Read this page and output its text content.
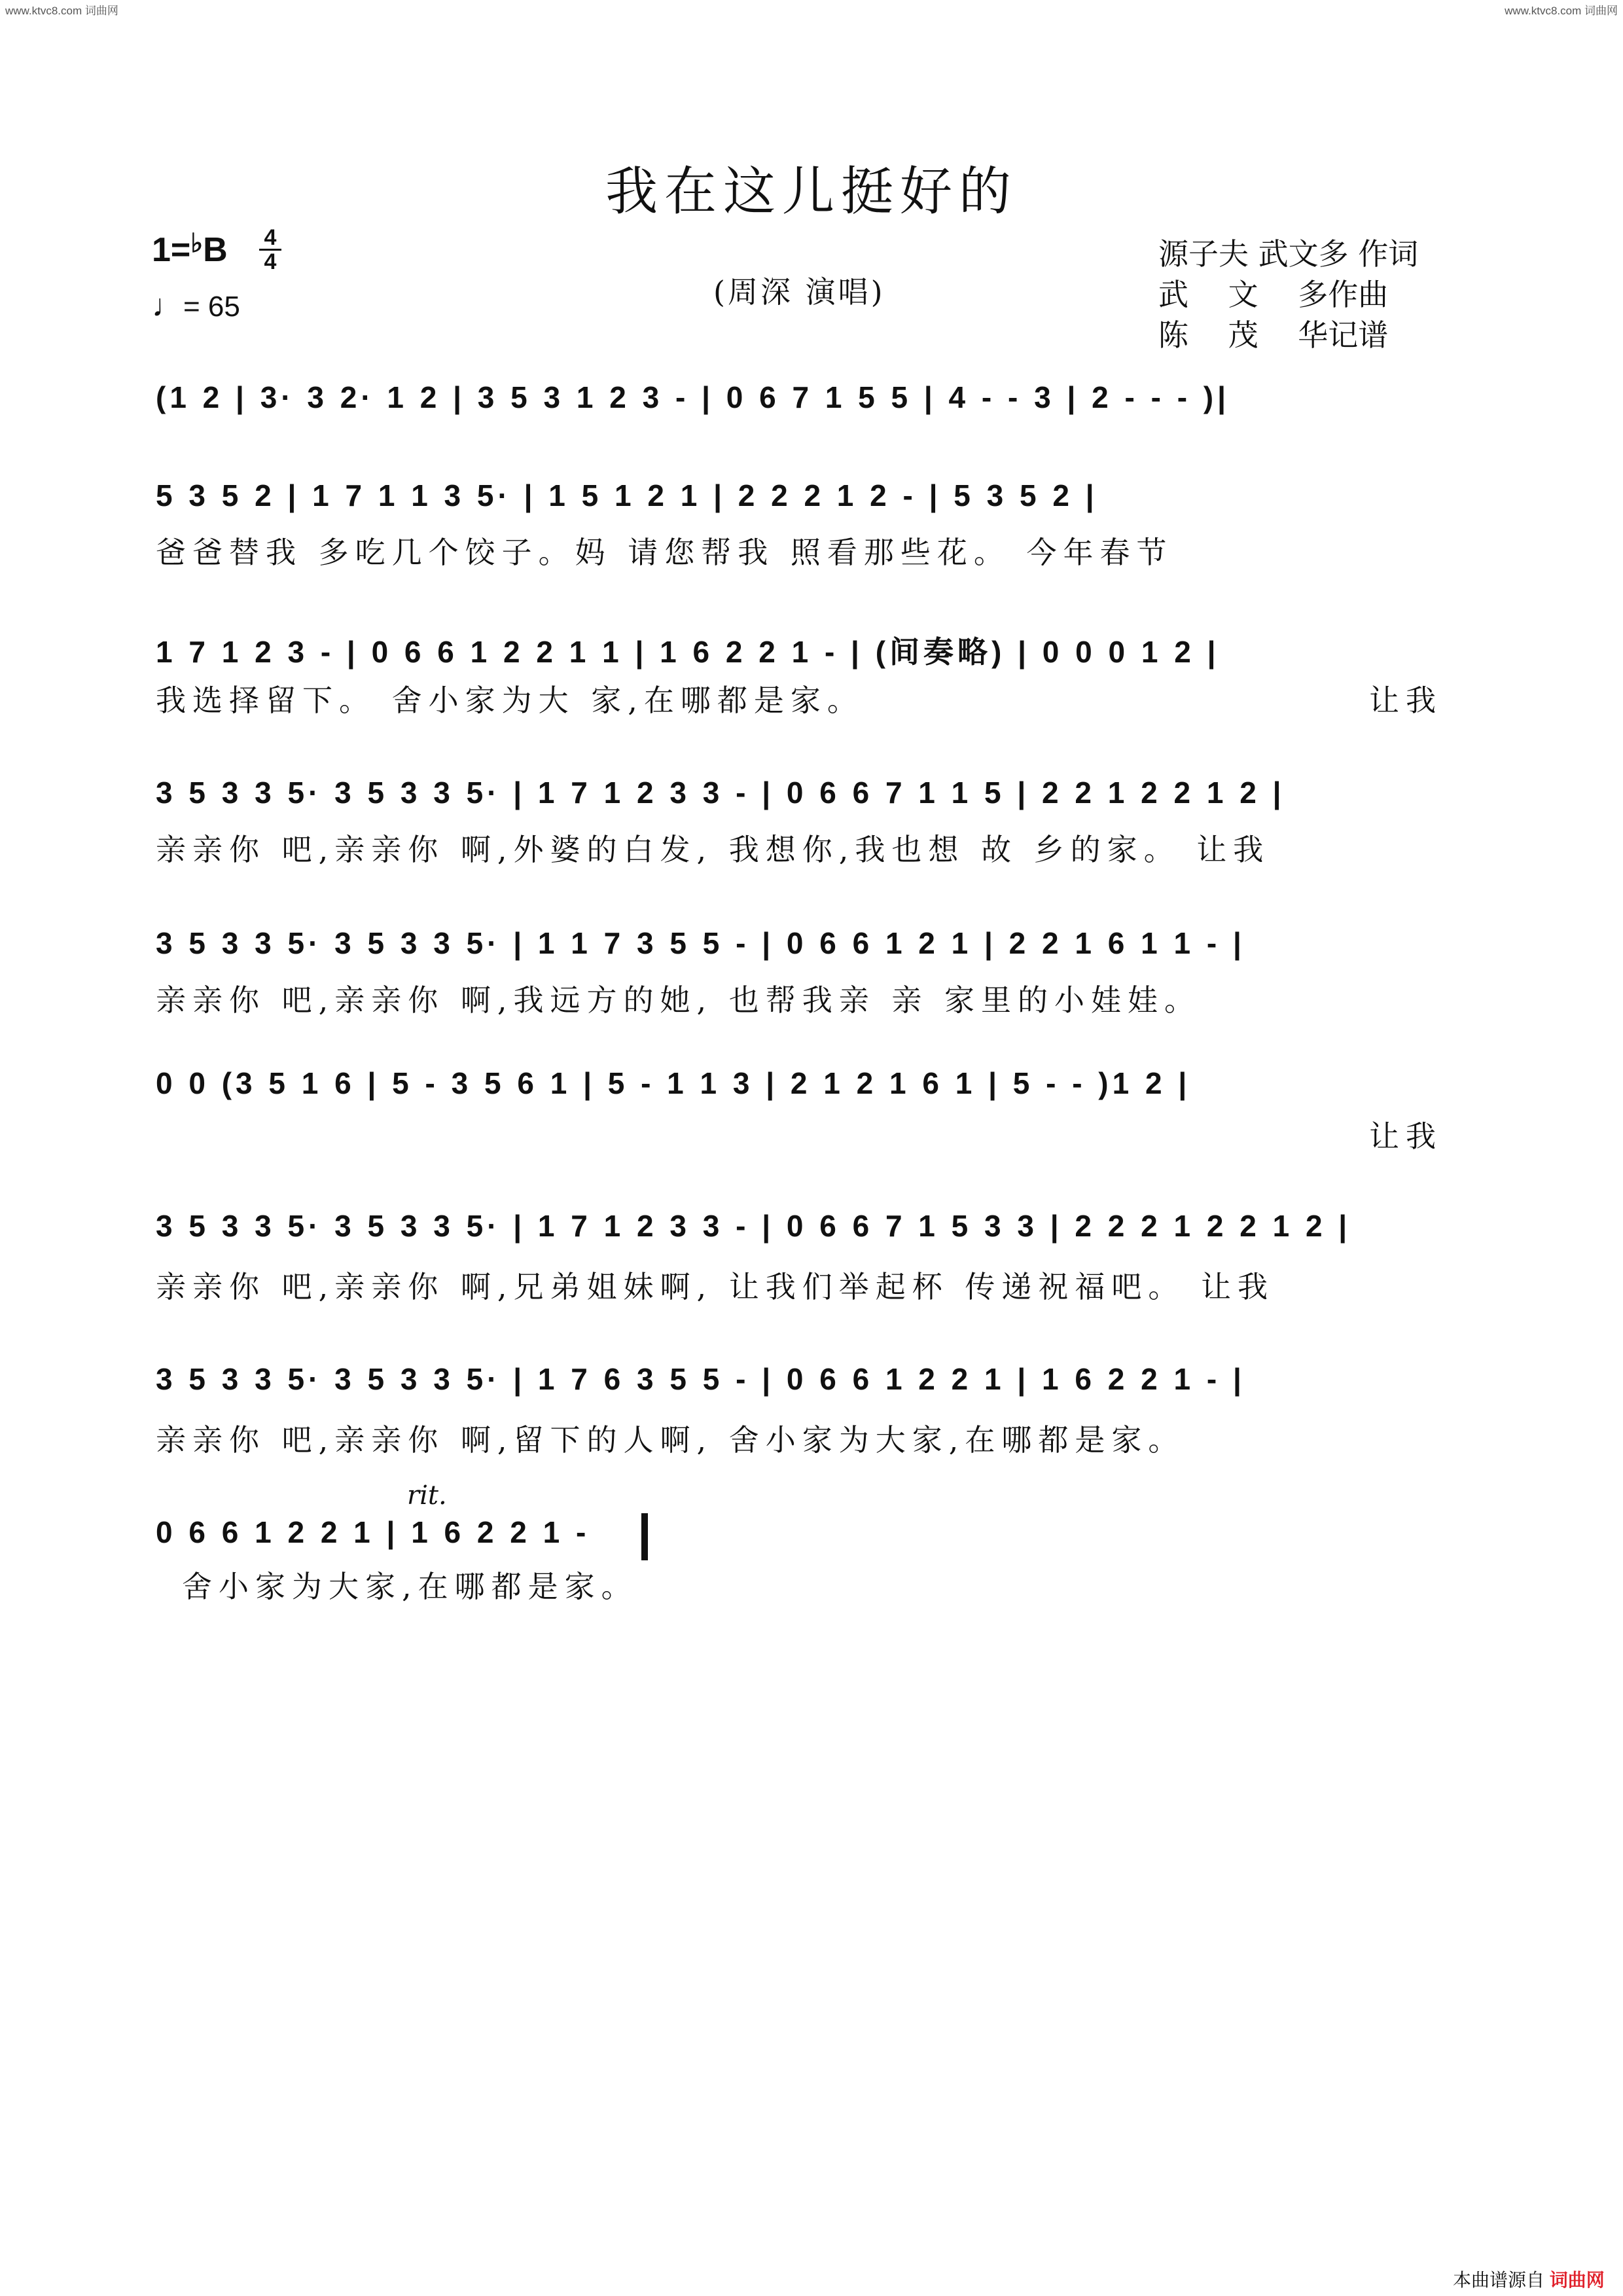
www.ktvc8.com 词曲网	www.ktvc8.com 词曲网
我在这儿挺好的
$1=^♭B \frac{4}{4}$
♩= 65	(周深 演唱)
源子夫 武文多 作词
武　 文　 多作曲
陈　 茂　 华记谱
(1 2 | 3· 3 2· 1 2 | 3 5 3 1 2 3 - | 0 6 7 1 5 5 | 4 - - 3 | 2 - - - )|
5 3 5 2 | 1 7 1 1 3 5· | 1 5 1 2 1 | 2 2 2 1 2 - | 5 3 5 2 |
爸爸替我 多吃几个饺子。妈 请您帮我 照看那些花。 今年春节
1 7 1 2 3 - | 0 6 6 1 2 2 1 1 | 1 6 2 2 1 - | (间奏略) | 0 0 0 1 2 |
我选择留下。 舍小家为大 家,在哪都是家。	让我
3 5 3 3 5· 3 5 3 3 5· | 1 7 1 2 3 3 - | 0 6 6 7 1 1 5 | 2 2 1 2 2 1 2 |
亲亲你 吧,亲亲你 啊,外婆的白发, 我想你,我也想 故 乡的家。 让我
3 5 3 3 5· 3 5 3 3 5· | 1 1 7 3 5 5 - | 0 6 6 1 2 1 | 2 2 1 6 1 1 - |
亲亲你 吧,亲亲你 啊,我远方的她, 也帮我亲 亲 家里的小娃娃。
0 0 (3 5 1 6 | 5 - 3 5 6 1 | 5 - 1 1 3 | 2 1 2 1 6 1 | 5 - - )1 2 |
让我
3 5 3 3 5· 3 5 3 3 5· | 1 7 1 2 3 3 - | 0 6 6 7 1 5 3 3 | 2 2 2 1 2 2 1 2 |
亲亲你 吧,亲亲你 啊,兄弟姐妹啊, 让我们举起杯 传递祝福吧。 让我
3 5 3 3 5· 3 5 3 3 5· | 1 7 6 3 5 5 - | 0 6 6 1 2 2 1 | 1 6 2 2 1 - |
亲亲你 吧,亲亲你 啊,留下的人啊, 舍小家为大家,在哪都是家。
rit.
0 6 6 1 2 2 1 | 1 6 2 2 1 -
舍小家为大家,在哪都是家。
本曲谱源自 词曲网
